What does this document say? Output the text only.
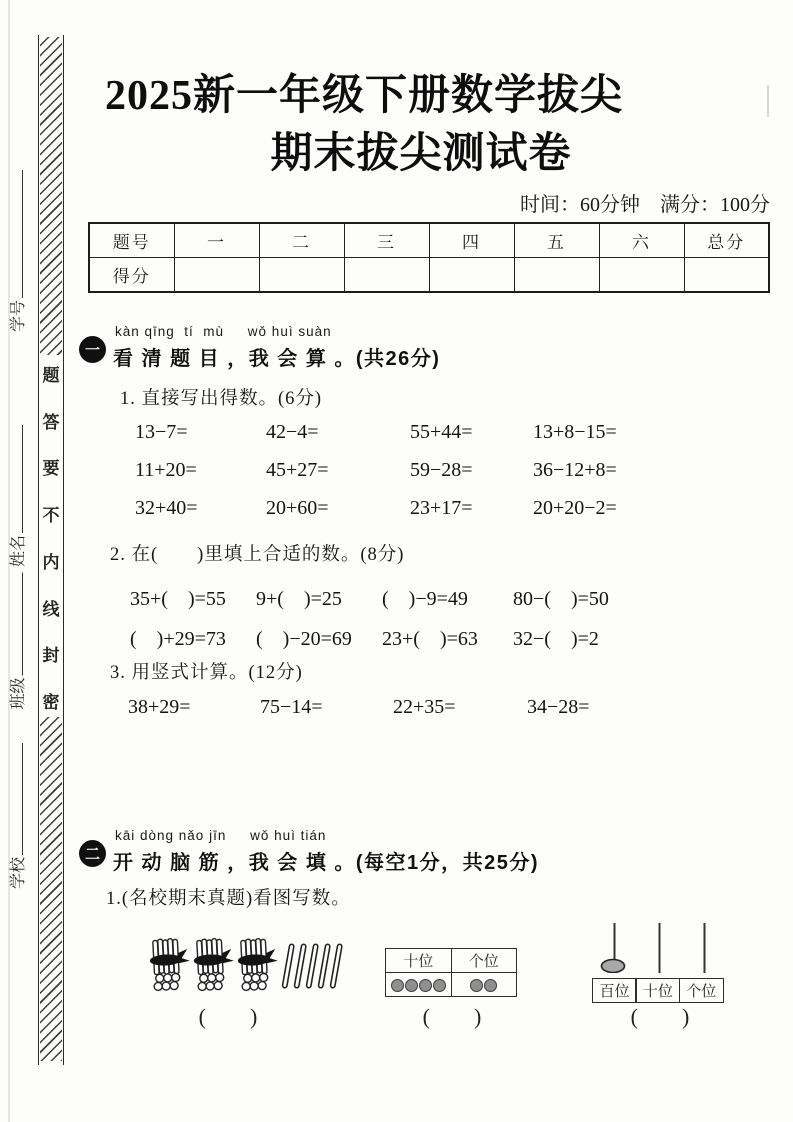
学号
姓名
班级
学校
题
答
要
不
内
线
封
密
2025新一年级下册数学拔尖
期末拔尖测试卷
时间：60分钟　满分：100分
题号	一	二	三	四	五	六	总分
得分							
一
kàn qīng  tí  mù     wǒ huì suàn
看 清 题 目 ，我 会 算 。(共26分)
1. 直接写出得数。(6分)
13−7=	42−4=	55+44=	13+8−15=
11+20=	45+27=	59−28=	36−12+8=
32+40=	20+60=	23+17=	20+20−2=
2. 在(　　)里填上合适的数。(8分)
35+(　)=55 9+(　)=25 (　)−9=49 80−(　)=50
(　)+29=73 (　)−20=69 23+(　)=63 32−(　)=2
3. 用竖式计算。(12分)
38+29=	75−14=	22+35=	34−28=
二
kāi dòng nǎo jīn     wǒ huì tián
开 动 脑 筋 ，我 会 填 。(每空1分，共25分)
1.(名校期末真题)看图写数。
(　　)
十位	个位

(　　)
百位 十位 个位
(　　)
